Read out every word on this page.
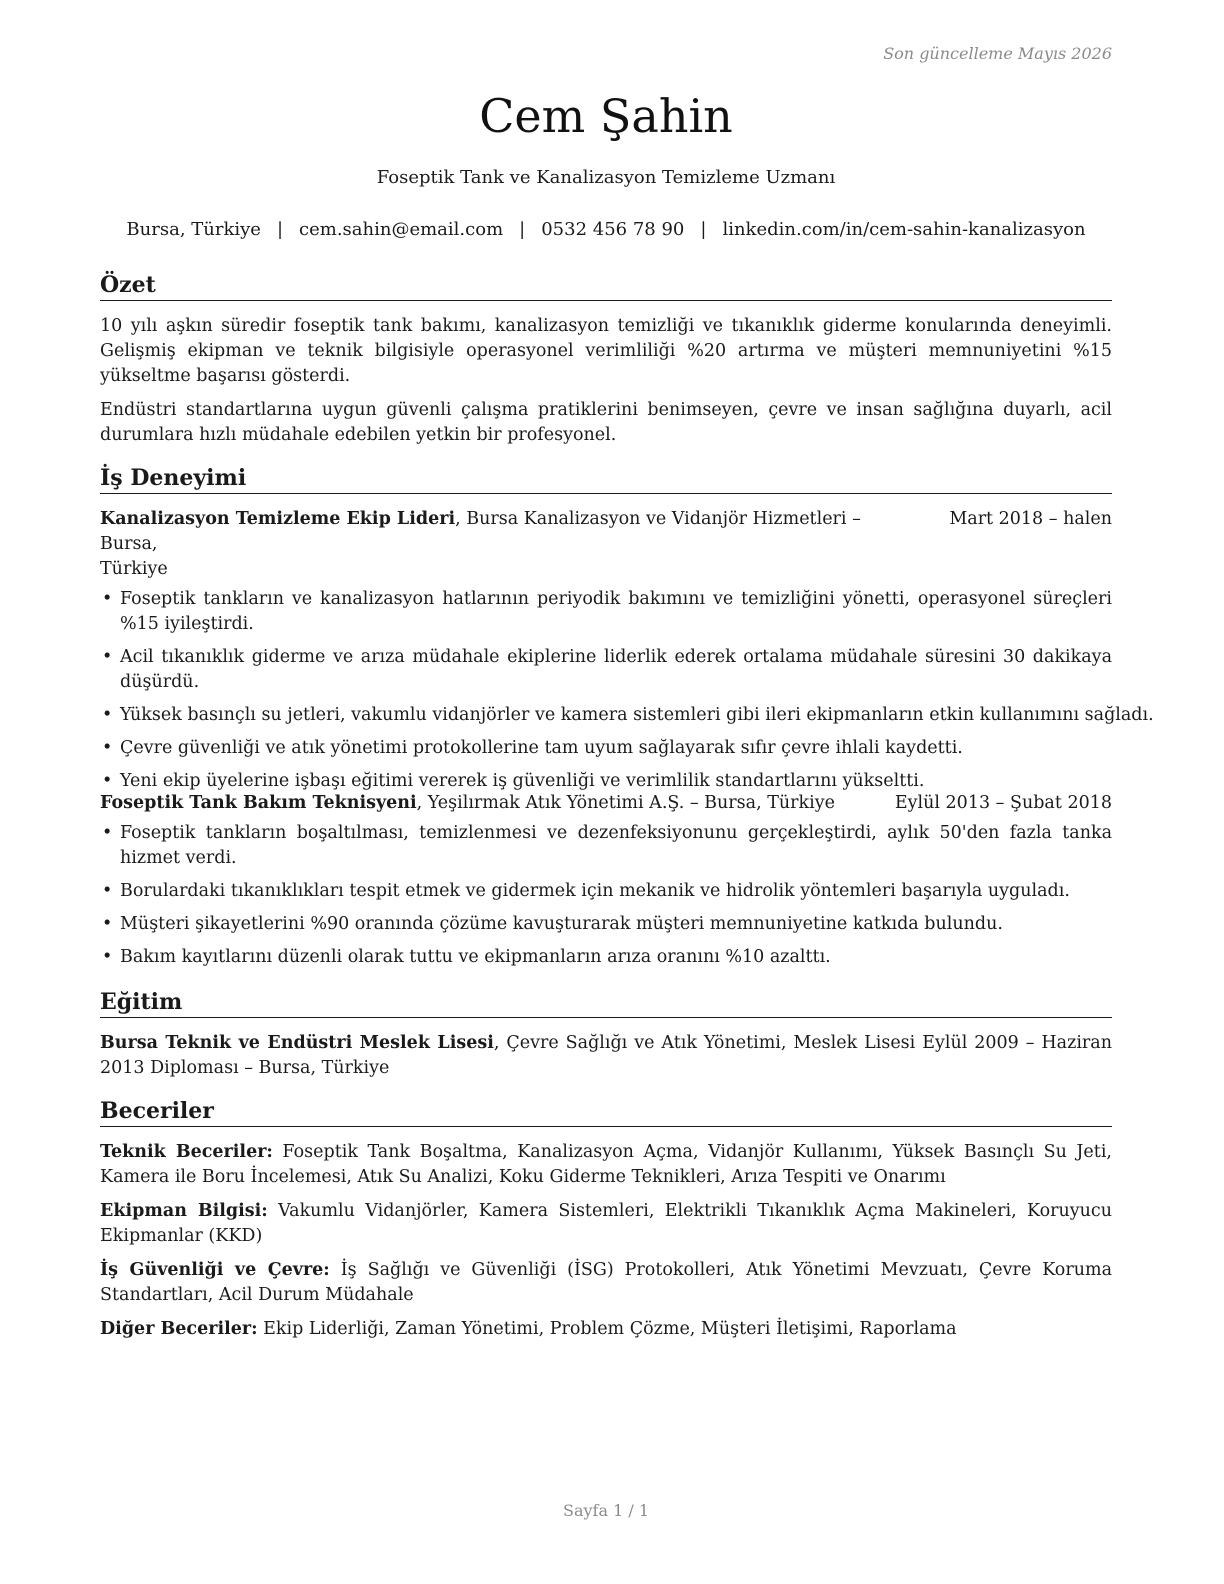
Son güncelleme Mayıs 2026
Cem Şahin
Foseptik Tank ve Kanalizasyon Temizleme Uzmanı
Bursa, Türkiye | cem.sahin@email.com | 0532 456 78 90 | linkedin.com/in/cem-sahin-kanalizasyon
Özet

10 yılı aşkın süredir foseptik tank bakımı, kanalizasyon temizliği ve tıkanıklık giderme konularında deneyimli. Gelişmiş ekipman ve teknik bilgisiyle operasyonel verimliliği %20 artırma ve müşteri memnuniyetini %15 yükseltme başarısı gösterdi.

Endüstri standartlarına uygun güvenli çalışma pratiklerini benimseyen, çevre ve insan sağlığına duyarlı, acil durumlara hızlı müdahale edebilen yetkin bir profesyonel.

İş Deneyimi
Kanalizasyon Temizleme Ekip Lideri, Bursa Kanalizasyon ve Vidanjör Hizmetleri – Bursa,
Türkiye
Mart 2018 – halen
• Foseptik tankların ve kanalizasyon hatlarının periyodik bakımını ve temizliğini yönetti, operasyonel süreçleri %15 iyileştirdi.
• Acil tıkanıklık giderme ve arıza müdahale ekiplerine liderlik ederek ortalama müdahale süresini 30 dakikaya düşürdü.
• Yüksek basınçlı su jetleri, vakumlu vidanjörler ve kamera sistemleri gibi ileri ekipmanların etkin kullanımını sağladı.
• Çevre güvenliği ve atık yönetimi protokollerine tam uyum sağlayarak sıfır çevre ihlali kaydetti.
• Yeni ekip üyelerine işbaşı eğitimi vererek iş güvenliği ve verimlilik standartlarını yükseltti.
Foseptik Tank Bakım Teknisyeni, Yeşilırmak Atık Yönetimi A.Ş. – Bursa, Türkiye	Eylül 2013 – Şubat 2018
• Foseptik tankların boşaltılması, temizlenmesi ve dezenfeksiyonunu gerçekleştirdi, aylık 50'den fazla tanka hizmet verdi.
• Borulardaki tıkanıklıkları tespit etmek ve gidermek için mekanik ve hidrolik yöntemleri başarıyla uyguladı.
• Müşteri şikayetlerini %90 oranında çözüme kavuşturarak müşteri memnuniyetine katkıda bulundu.
• Bakım kayıtlarını düzenli olarak tuttu ve ekipmanların arıza oranını %10 azalttı.
Eğitim
Bursa Teknik ve Endüstri Meslek Lisesi, Çevre Sağlığı ve Atık Yönetimi, Meslek Lisesi Eylül 2009 – Haziran 2013 Diploması – Bursa, Türkiye
Beceriler

Teknik Beceriler: Foseptik Tank Boşaltma, Kanalizasyon Açma, Vidanjör Kullanımı, Yüksek Basınçlı Su Jeti, Kamera ile Boru İncelemesi, Atık Su Analizi, Koku Giderme Teknikleri, Arıza Tespiti ve Onarımı

Ekipman Bilgisi: Vakumlu Vidanjörler, Kamera Sistemleri, Elektrikli Tıkanıklık Açma Makineleri, Koruyucu Ekipmanlar (KKD)

İş Güvenliği ve Çevre: İş Sağlığı ve Güvenliği (İSG) Protokolleri, Atık Yönetimi Mevzuatı, Çevre Koruma Standartları, Acil Durum Müdahale

Diğer Beceriler: Ekip Liderliği, Zaman Yönetimi, Problem Çözme, Müşteri İletişimi, Raporlama

Sayfa 1 / 1
